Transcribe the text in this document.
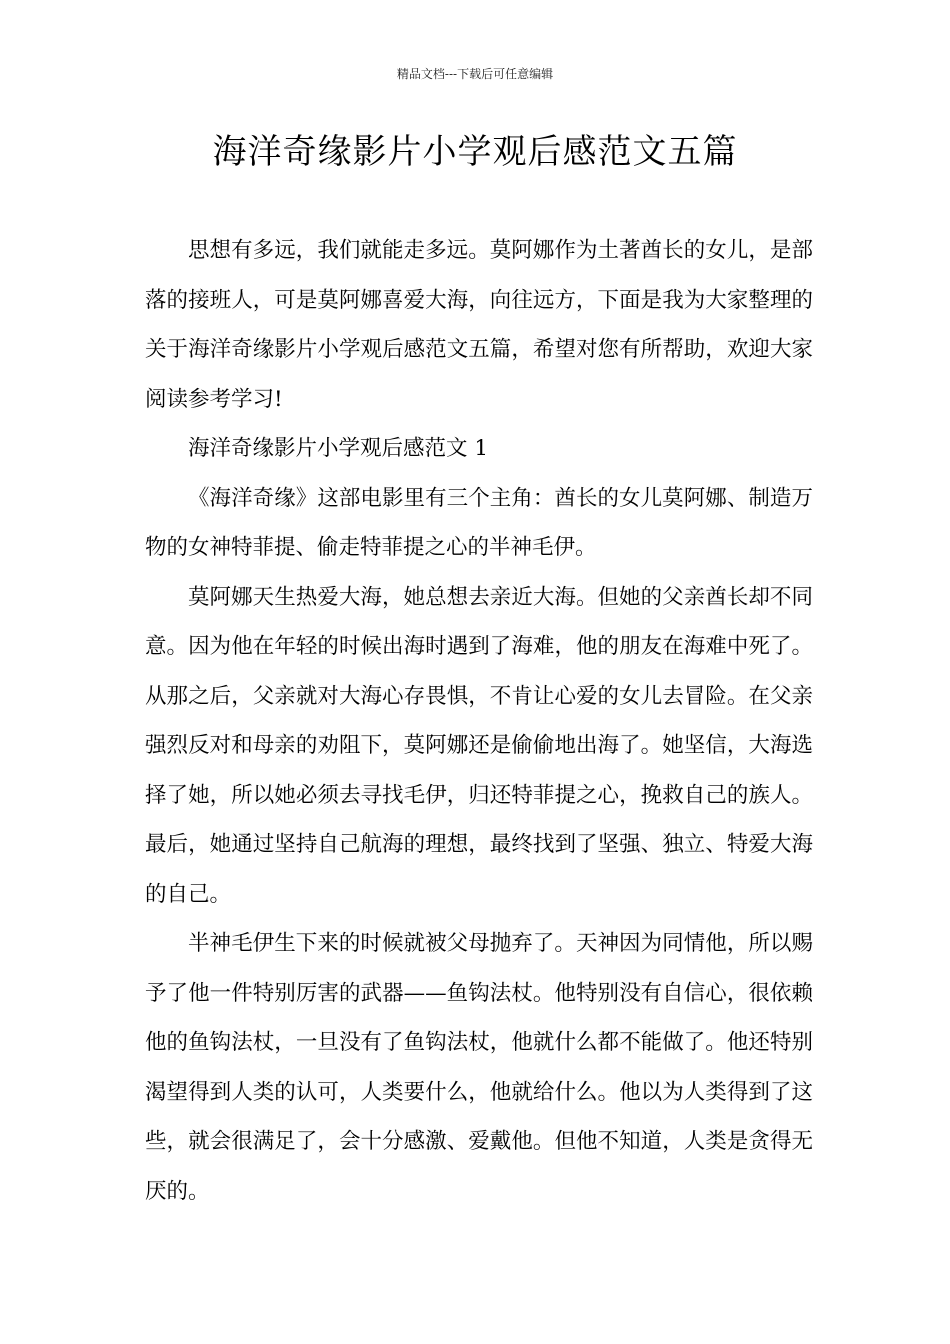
精品文档---下载后可任意编辑
海洋奇缘影片小学观后感范文五篇

思想有多远，我们就能走多远。莫阿娜作为土著酋长的女儿，是部落的接班人，可是莫阿娜喜爱大海，向往远方，下面是我为大家整理的关于海洋奇缘影片小学观后感范文五篇，希望对您有所帮助，欢迎大家阅读参考学习!

海洋奇缘影片小学观后感范文 1

《海洋奇缘》这部电影里有三个主角：酋长的女儿莫阿娜、制造万物的女神特菲提、偷走特菲提之心的半神毛伊。

莫阿娜天生热爱大海，她总想去亲近大海。但她的父亲酋长却不同意。因为他在年轻的时候出海时遇到了海难，他的朋友在海难中死了。从那之后，父亲就对大海心存畏惧，不肯让心爱的女儿去冒险。在父亲强烈反对和母亲的劝阻下，莫阿娜还是偷偷地出海了。她坚信，大海选择了她，所以她必须去寻找毛伊，归还特菲提之心，挽救自己的族人。最后，她通过坚持自己航海的理想，最终找到了坚强、独立、特爱大海的自己。

半神毛伊生下来的时候就被父母抛弃了。天神因为同情他，所以赐予了他一件特别厉害的武器——鱼钩法杖。他特别没有自信心，很依赖他的鱼钩法杖，一旦没有了鱼钩法杖，他就什么都不能做了。他还特别渴望得到人类的认可，人类要什么，他就给什么。他以为人类得到了这些，就会很满足了，会十分感激、爱戴他。但他不知道，人类是贪得无厌的。
